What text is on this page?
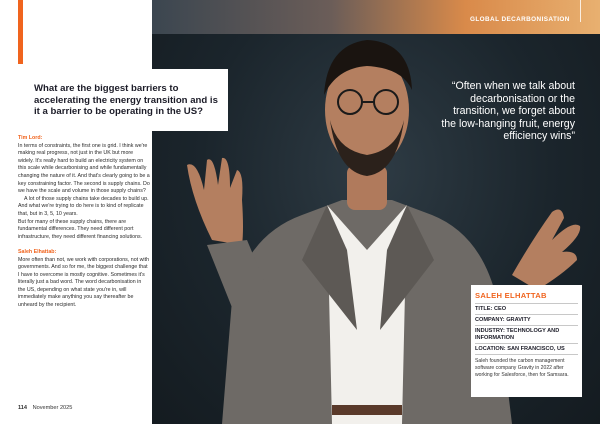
What are the biggest barriers to accelerating the energy transition and is it a barrier to be operating in the US?

Tim Lord:

In terms of constraints, the first one is grid. I think we're making real progress, not just in the UK but more widely. It's really hard to build an electricity system on this scale while decarbonising and while fundamentally changing the nature of it. And that's clearly going to be a key constraining factor. The second is supply chains. Do we have the scale and volume in those supply chains?

A lot of those supply chains take decades to build up. And what we're trying to do here is to kind of replicate that, but in 3, 5, 10 years.

But for many of these supply chains, there are fundamental differences. They need different port infrastructure, they need different financing solutions.

Saleh Elhattab:

More often than not, we work with corporations, not with governments. And so for me, the biggest challenge that I have to overcome is mostly cognitive. Sometimes it's literally just a bad word. The word decarbonisation in the US, depending on what state you're in, will immediately make anything you say thereafter be unheard by the recipient.

114 November 2025
GLOBAL DECARBONISATION
“Often when we talk about decarbonisation or the transition, we forget about the low-hanging fruit, energy efficiency wins”
SALEH ELHATTAB
TITLE: CEO
COMPANY: GRAVITY
INDUSTRY: TECHNOLOGY AND INFORMATION
LOCATION: SAN FRANCISCO, US
Saleh founded the carbon management software company Gravity in 2022 after working for Salesforce, then for Samsara.
